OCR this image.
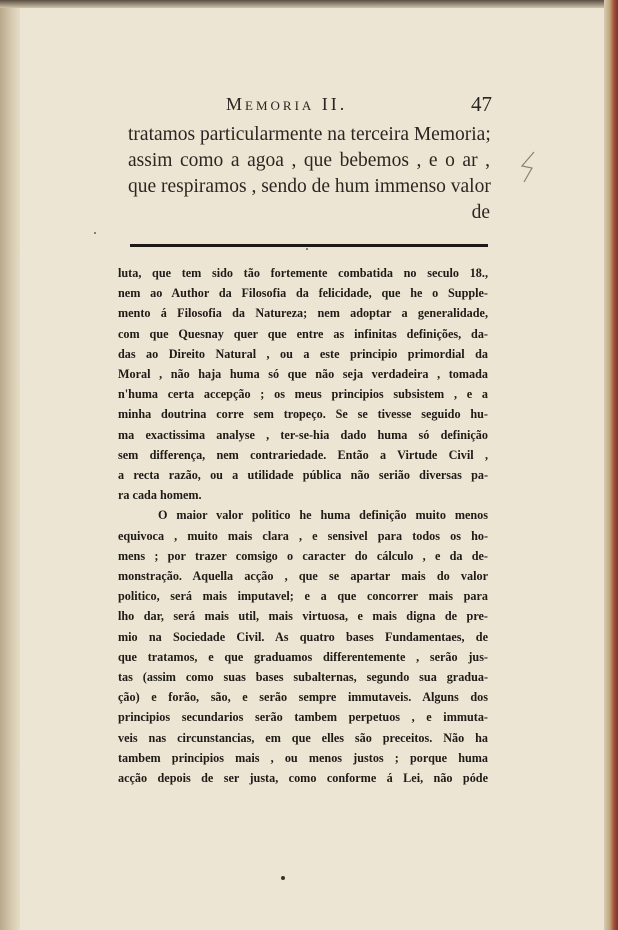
Memoria II.	47
tratamos particularmente na terceira Memoria;
assim como a agoa , que bebemos , e o ar ,
que respiramos , sendo de hum immenso valor
de
luta, que tem sido tão fortemente combatida no seculo 18.,
nem ao Author da Filosofia da felicidade, que he o Supple-
mento á Filosofia da Natureza; nem adoptar a generalidade,
com que Quesnay quer que entre as infinitas definições, da-
das ao Direito Natural , ou a este principio primordial da
Moral , não haja huma só que não seja verdadeira , tomada
n'huma certa accepção ; os meus principios subsistem , e a
minha doutrina corre sem tropeço. Se se tivesse seguido hu-
ma exactissima analyse , ter-se-hia dado huma só definição
sem differença, nem contrariedade. Então a Virtude Civil ,
a recta razão, ou a utilidade pública não serião diversas pa-
ra cada homem.
O maior valor politico he huma definição muito menos
equivoca , muito mais clara , e sensivel para todos os ho-
mens ; por trazer comsigo o caracter do cálculo , e da de-
monstração. Aquella acção , que se apartar mais do valor
politico, será mais imputavel; e a que concorrer mais para
lho dar, será mais util, mais virtuosa, e mais digna de pre-
mio na Sociedade Civil. As quatro bases Fundamentaes, de
que tratamos, e que graduamos differentemente , serão jus-
tas (assim como suas bases subalternas, segundo sua gradua-
ção) e forão, são, e serão sempre immutaveis. Alguns dos
principios secundarios serão tambem perpetuos , e immuta-
veis nas circunstancias, em que elles são preceitos. Não ha
tambem principios mais , ou menos justos ; porque huma
acção depois de ser justa, como conforme á Lei, não póde
